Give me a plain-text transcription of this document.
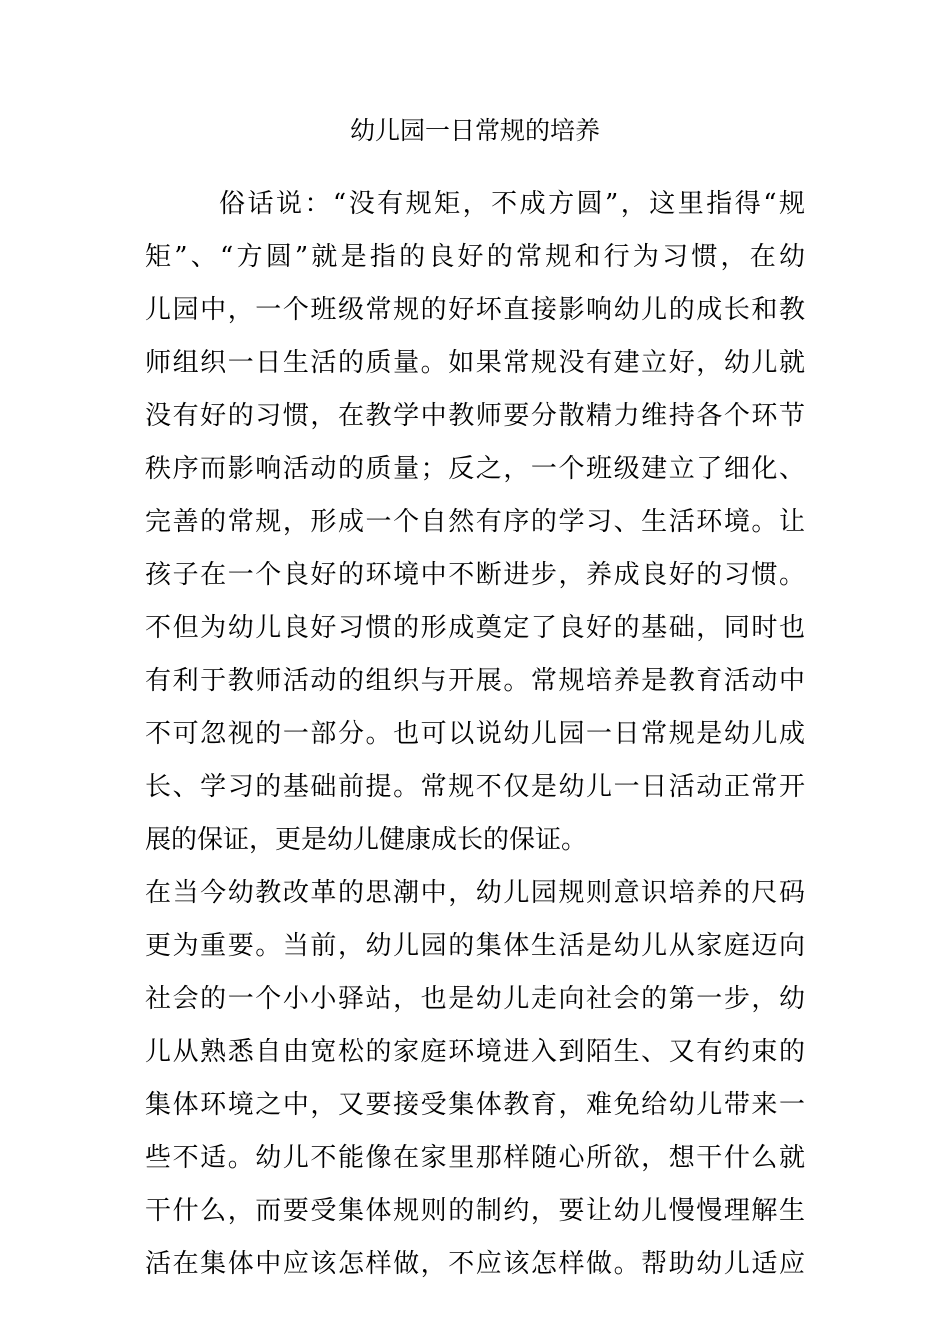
幼儿园一日常规的培养
俗话说：“没有规矩，不成方圆”，这里指得“规
矩”、“方圆”就是指的良好的常规和行为习惯，在幼
儿园中，一个班级常规的好坏直接影响幼儿的成长和教
师组织一日生活的质量。如果常规没有建立好，幼儿就
没有好的习惯，在教学中教师要分散精力维持各个环节
秩序而影响活动的质量；反之，一个班级建立了细化、
完善的常规，形成一个自然有序的学习、生活环境。让
孩子在一个良好的环境中不断进步，养成良好的习惯。
不但为幼儿良好习惯的形成奠定了良好的基础，同时也
有利于教师活动的组织与开展。常规培养是教育活动中
不可忽视的一部分。也可以说幼儿园一日常规是幼儿成
长、学习的基础前提。常规不仅是幼儿一日活动正常开
展的保证，更是幼儿健康成长的保证。
在当今幼教改革的思潮中，幼儿园规则意识培养的尺码
更为重要。当前，幼儿园的集体生活是幼儿从家庭迈向
社会的一个小小驿站，也是幼儿走向社会的第一步，幼
儿从熟悉自由宽松的家庭环境进入到陌生、又有约束的
集体环境之中，又要接受集体教育，难免给幼儿带来一
些不适。幼儿不能像在家里那样随心所欲，想干什么就
干什么，而要受集体规则的制约，要让幼儿慢慢理解生
活在集体中应该怎样做，不应该怎样做。帮助幼儿适应
